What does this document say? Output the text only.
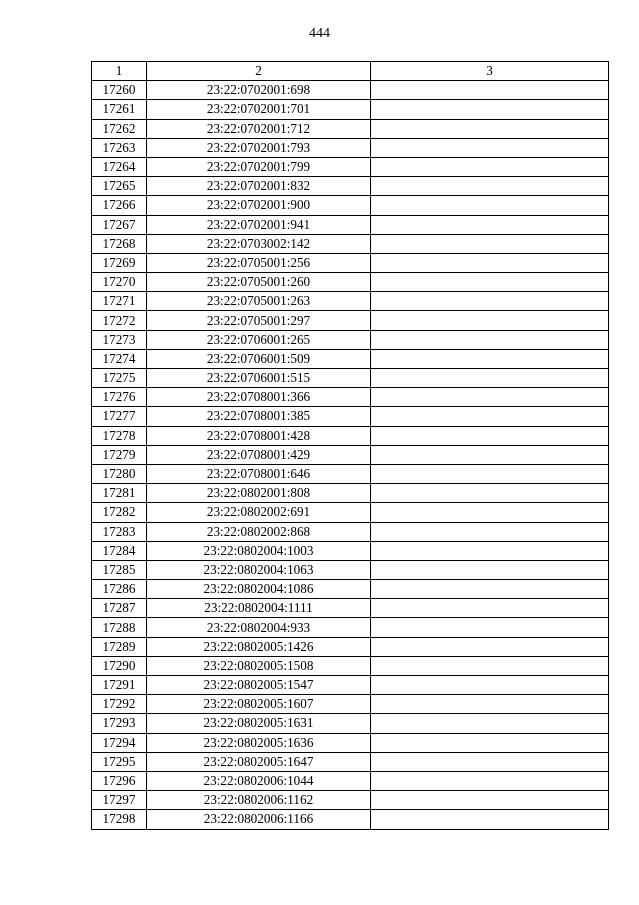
444
1	2	3
17260	23:22:0702001:698	
17261	23:22:0702001:701	
17262	23:22:0702001:712	
17263	23:22:0702001:793	
17264	23:22:0702001:799	
17265	23:22:0702001:832	
17266	23:22:0702001:900	
17267	23:22:0702001:941	
17268	23:22:0703002:142	
17269	23:22:0705001:256	
17270	23:22:0705001:260	
17271	23:22:0705001:263	
17272	23:22:0705001:297	
17273	23:22:0706001:265	
17274	23:22:0706001:509	
17275	23:22:0706001:515	
17276	23:22:0708001:366	
17277	23:22:0708001:385	
17278	23:22:0708001:428	
17279	23:22:0708001:429	
17280	23:22:0708001:646	
17281	23:22:0802001:808	
17282	23:22:0802002:691	
17283	23:22:0802002:868	
17284	23:22:0802004:1003	
17285	23:22:0802004:1063	
17286	23:22:0802004:1086	
17287	23:22:0802004:1111	
17288	23:22:0802004:933	
17289	23:22:0802005:1426	
17290	23:22:0802005:1508	
17291	23:22:0802005:1547	
17292	23:22:0802005:1607	
17293	23:22:0802005:1631	
17294	23:22:0802005:1636	
17295	23:22:0802005:1647	
17296	23:22:0802006:1044	
17297	23:22:0802006:1162	
17298	23:22:0802006:1166	
